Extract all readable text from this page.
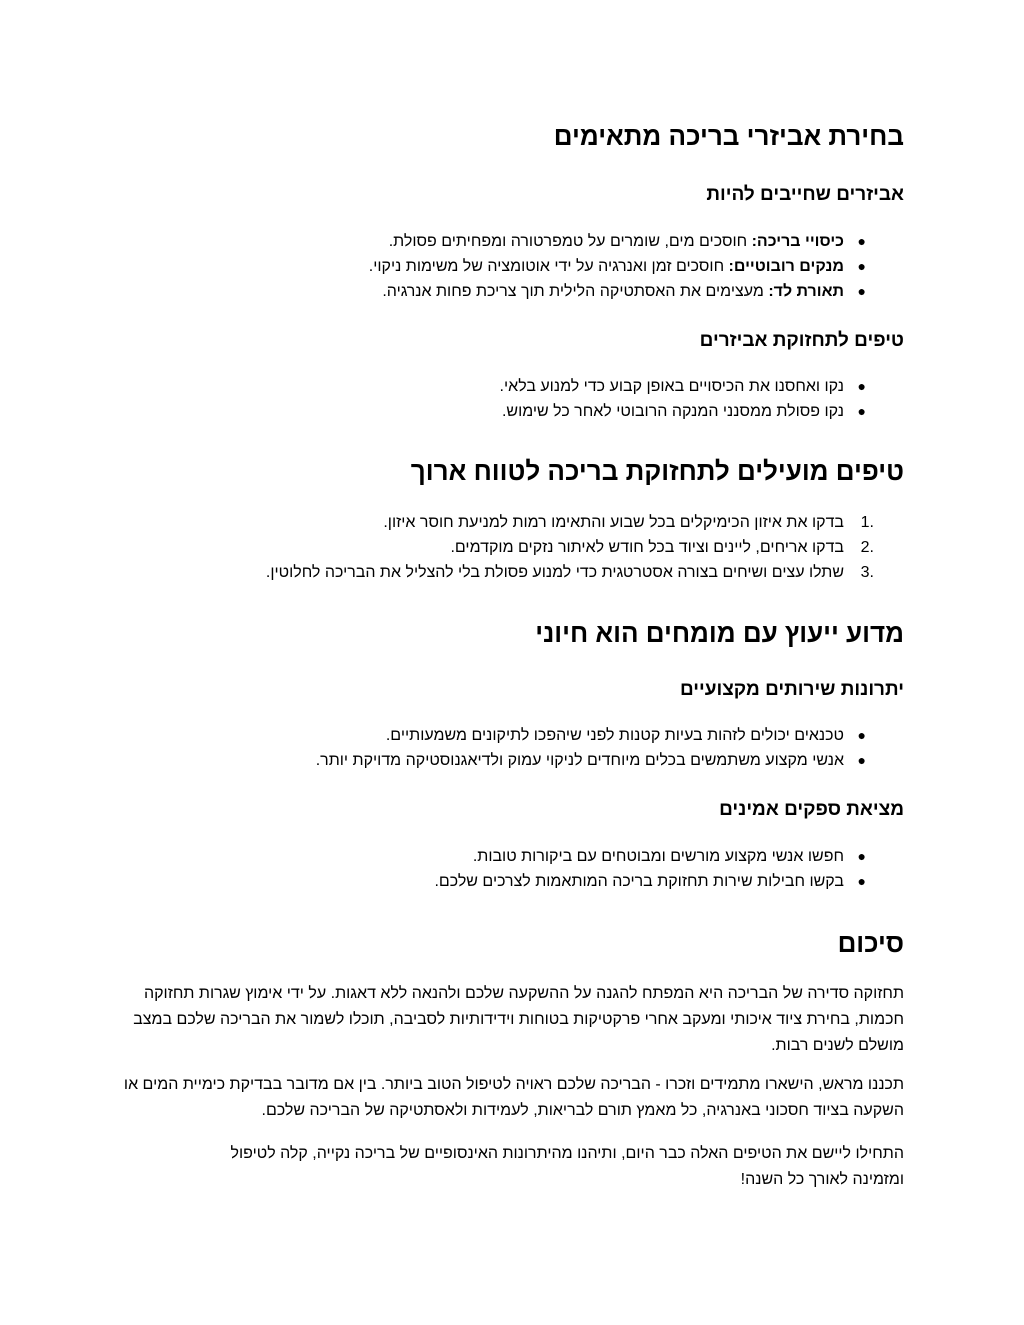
בחירת אביזרי בריכה מתאימים
אביזרים שחייבים להיות
●
כיסויי בריכה: חוסכים מים, שומרים על טמפרטורה ומפחיתים פסולת.
●
מנקים רובוטיים: חוסכים זמן ואנרגיה על ידי אוטומציה של משימות ניקוי.
●
תאורת לד: מעצימים את האסתטיקה הלילית תוך צריכת פחות אנרגיה.
טיפים לתחזוקת אביזרים
●
נקו ואחסנו את הכיסויים באופן קבוע כדי למנוע בלאי.
●
נקו פסולת ממסנני המנקה הרובוטי לאחר כל שימוש.
טיפים מועילים לתחזוקת בריכה לטווח ארוך
1.
בדקו את איזון הכימיקלים בכל שבוע והתאימו רמות למניעת חוסר איזון.
2.
בדקו אריחים, ליינים וציוד בכל חודש לאיתור נזקים מוקדמים.
3.
שתלו עצים ושיחים בצורה אסטרטגית כדי למנוע פסולת בלי להצליל את הבריכה לחלוטין.
מדוע ייעוץ עם מומחים הוא חיוני
יתרונות שירותים מקצועיים
●
טכנאים יכולים לזהות בעיות קטנות לפני שיהפכו לתיקונים משמעותיים.
●
אנשי מקצוע משתמשים בכלים מיוחדים לניקוי עמוק ולדיאגנוסטיקה מדויקת יותר.
מציאת ספקים אמינים
●
חפשו אנשי מקצוע מורשים ומבוטחים עם ביקורות טובות.
●
בקשו חבילות שירות תחזוקת בריכה המותאמות לצרכים שלכם.
סיכום

תחזוקה סדירה של הבריכה היא המפתח להגנה על ההשקעה שלכם ולהנאה ללא דאגות. על ידי אימוץ שגרות תחזוקה חכמות, בחירת ציוד איכותי ומעקב אחרי פרקטיקות בטוחות וידידותיות לסביבה, תוכלו לשמור את הבריכה שלכם במצב מושלם לשנים רבות.

תכננו מראש, הישארו מתמידים וזכרו - הבריכה שלכם ראויה לטיפול הטוב ביותר. בין אם מדובר בבדיקת כימיית המים או השקעה בציוד חסכוני באנרגיה, כל מאמץ תורם לבריאות, לעמידות ולאסתטיקה של הבריכה שלכם.

התחילו ליישם את הטיפים האלה כבר היום, ותיהנו מהיתרונות האינסופיים של בריכה נקייה, קלה לטיפול ומזמינה לאורך כל השנה!
